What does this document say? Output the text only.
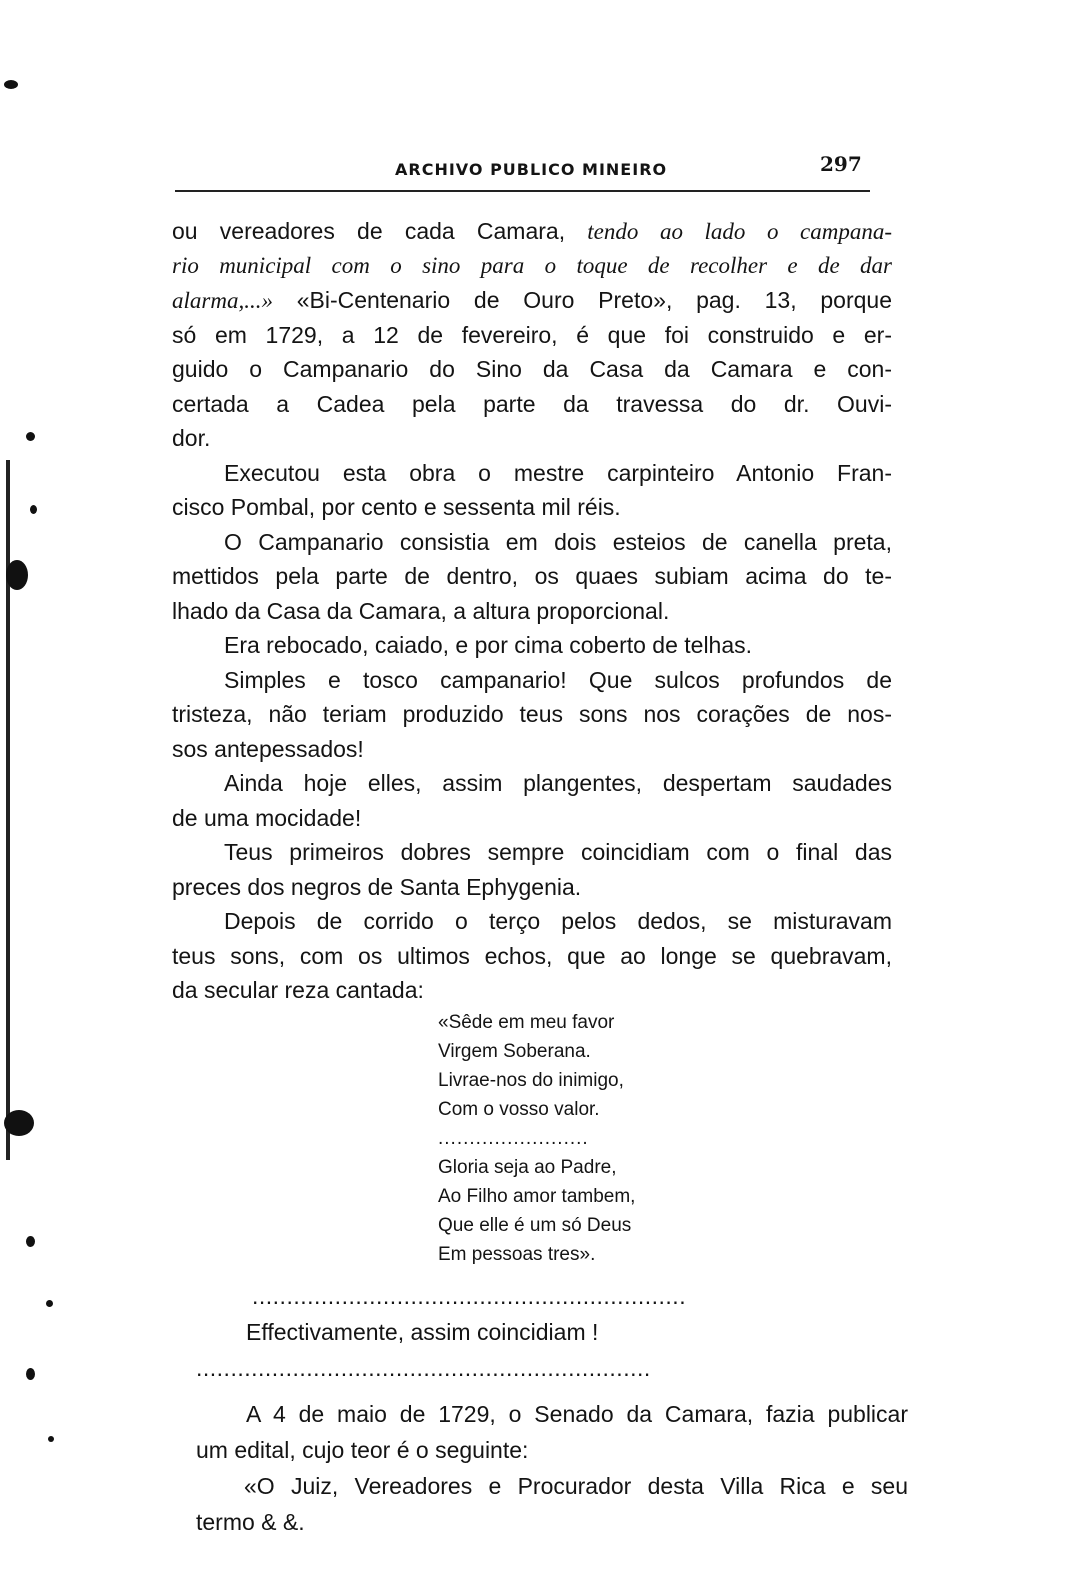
ARCHIVO PUBLICO MINEIRO	297
ou vereadores de cada Camara, tendo ao lado o campana-
rio municipal com o sino para o toque de recolher e de dar
alarma,...» «Bi-Centenario de Ouro Preto», pag. 13, porque
só em 1729, a 12 de fevereiro, é que foi construido e er-
guido o Campanario do Sino da Casa da Camara e con-
certada a Cadea pela parte da travessa do dr. Ouvi-
dor.
Executou esta obra o mestre carpinteiro Antonio Fran-
cisco Pombal, por cento e sessenta mil réis.
O Campanario consistia em dois esteios de canella preta,
mettidos pela parte de dentro, os quaes subiam acima do te-
lhado da Casa da Camara, a altura proporcional.
Era rebocado, caiado, e por cima coberto de telhas.
Simples e tosco campanario! Que sulcos profundos de
tristeza, não teriam produzido teus sons nos corações de nos-
sos antepessados!
Ainda hoje elles, assim plangentes, despertam saudades
de uma mocidade!
Teus primeiros dobres sempre coincidiam com o final das
preces dos negros de Santa Ephygenia.
Depois de corrido o terço pelos dedos, se misturavam
teus sons, com os ultimos echos, que ao longe se quebravam,
da secular reza cantada:
«Sêde em meu favor
Virgem Soberana.
Livrae-nos do inimigo,
Com o vosso valor.
........................
Gloria seja ao Padre,
Ao Filho amor tambem,
Que elle é um só Deus
Em pessoas tres».
...............................................................
Effectivamente, assim coincidiam !
..................................................................
A 4 de maio de 1729, o Senado da Camara, fazia publicar
um edital, cujo teor é o seguinte:
«O Juiz, Vereadores e Procurador desta Villa Rica e seu
termo & &.
